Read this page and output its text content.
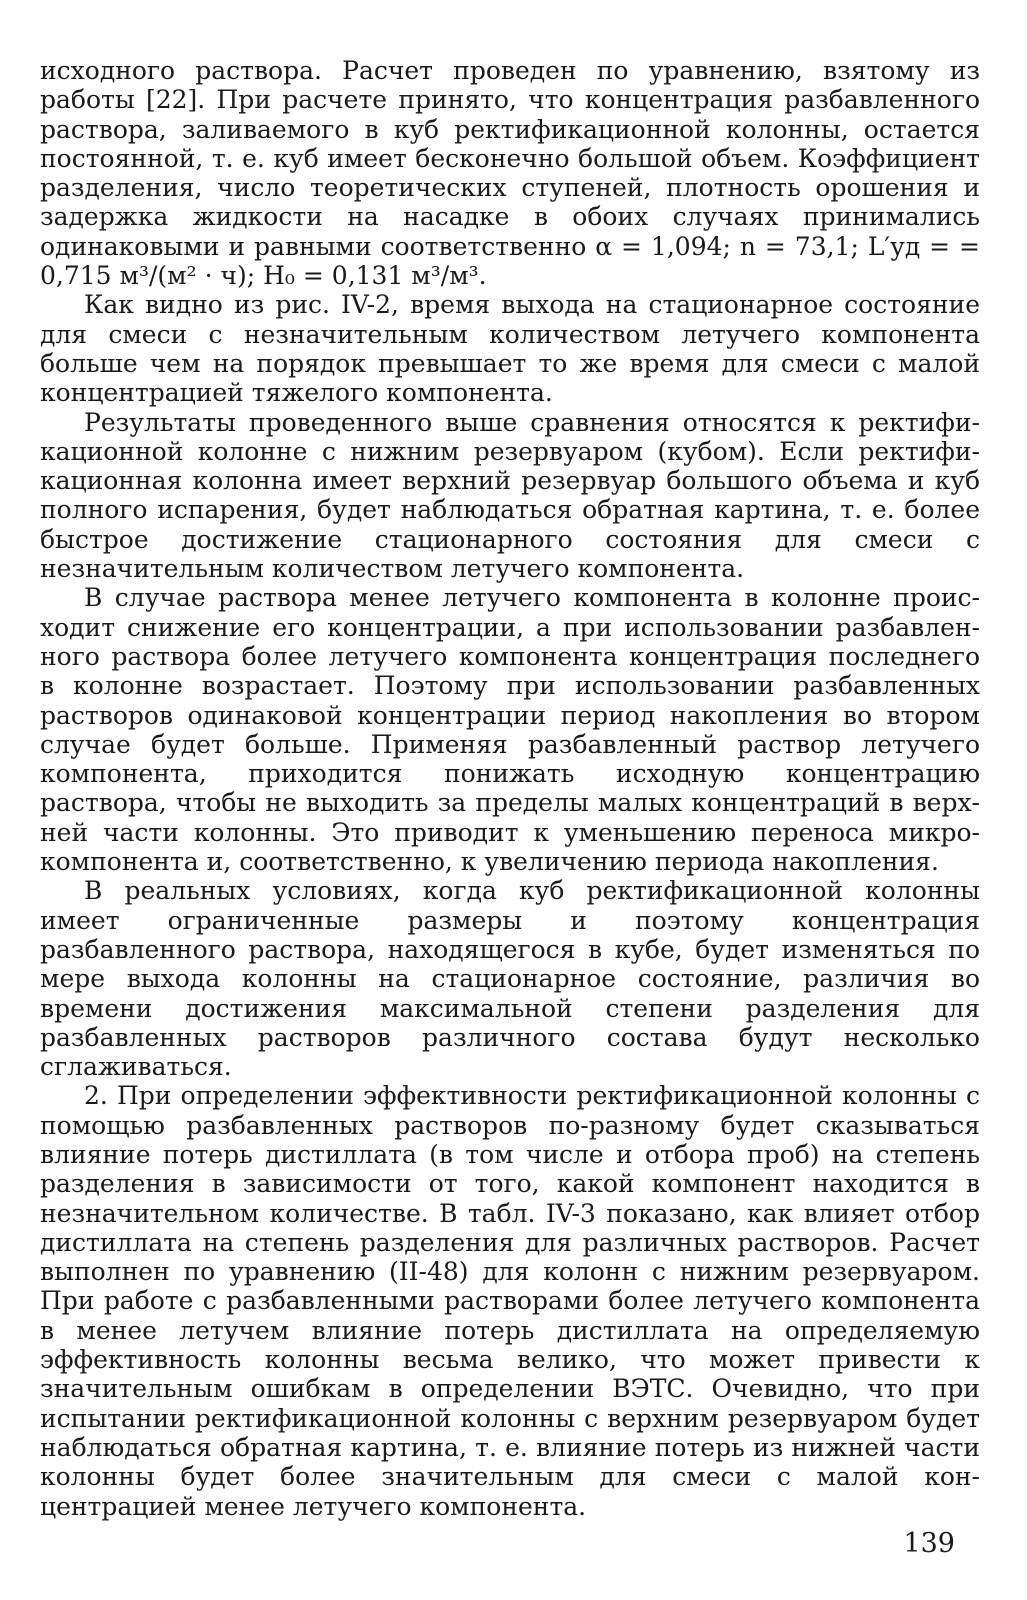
исходного раствора. Расчет проведен по уравнению, взятому из работы [22]. При расчете принято, что концентрация разбавленного раствора, заливаемого в куб ректификационной колонны, остается постоянной, т. е. куб имеет бесконечно большой объем. Коэффициент разделения, число теоретических ступеней, плотность орошения и задержка жидкости на насадке в обоих случаях принимались одинаковыми и равными соответственно α = 1,094; n = 73,1; L′уд = = 0,715 м³/(м² · ч); H₀ = 0,131 м³/м³.

Как видно из рис. IV-2, время выхода на стационарное состояние для смеси с незначительным количеством летучего компонента больше чем на порядок превышает то же время для смеси с малой концентрацией тяжелого компонента.

Результаты проведенного выше сравнения относятся к ректификационной колонне с нижним резервуаром (кубом). Если ректификационная колонна имеет верхний резервуар большого объема и куб полного испарения, будет наблюдаться обратная картина, т. е. более быстрое достижение стационарного состояния для смеси с незначительным количеством летучего компонента.

В случае раствора менее летучего компонента в колонне происходит снижение его концентрации, а при использовании разбавленного раствора более летучего компонента концентрация последнего в колонне возрастает. Поэтому при использовании разбавленных растворов одинаковой концентрации период накопления во втором случае будет больше. Применяя разбавленный раствор летучего компонента, приходится понижать исходную концентрацию раствора, чтобы не выходить за пределы малых концентраций в верхней части колонны. Это приводит к уменьшению переноса микрокомпонента и, соответственно, к увеличению периода накопления.

В реальных условиях, когда куб ректификационной колонны имеет ограниченные размеры и поэтому концентрация разбавленного раствора, находящегося в кубе, будет изменяться по мере выхода колонны на стационарное состояние, различия во времени достижения максимальной степени разделения для разбавленных растворов различного состава будут несколько сглаживаться.

2. При определении эффективности ректификационной колонны с помощью разбавленных растворов по-разному будет сказываться влияние потерь дистиллата (в том числе и отбора проб) на степень разделения в зависимости от того, какой компонент находится в незначительном количестве. В табл. IV-3 показано, как влияет отбор дистиллата на степень разделения для различных растворов. Расчет выполнен по уравнению (II-48) для колонн с нижним резервуаром. При работе с разбавленными растворами более летучего компонента в менее летучем влияние потерь дистиллата на определяемую эффективность колонны весьма велико, что может привести к значительным ошибкам в определении ВЭТС. Очевидно, что при испытании ректификационной колонны с верхним резервуаром будет наблюдаться обратная картина, т. е. влияние потерь из нижней части колонны будет более значительным для смеси с малой концентрацией менее летучего компонента.

139
